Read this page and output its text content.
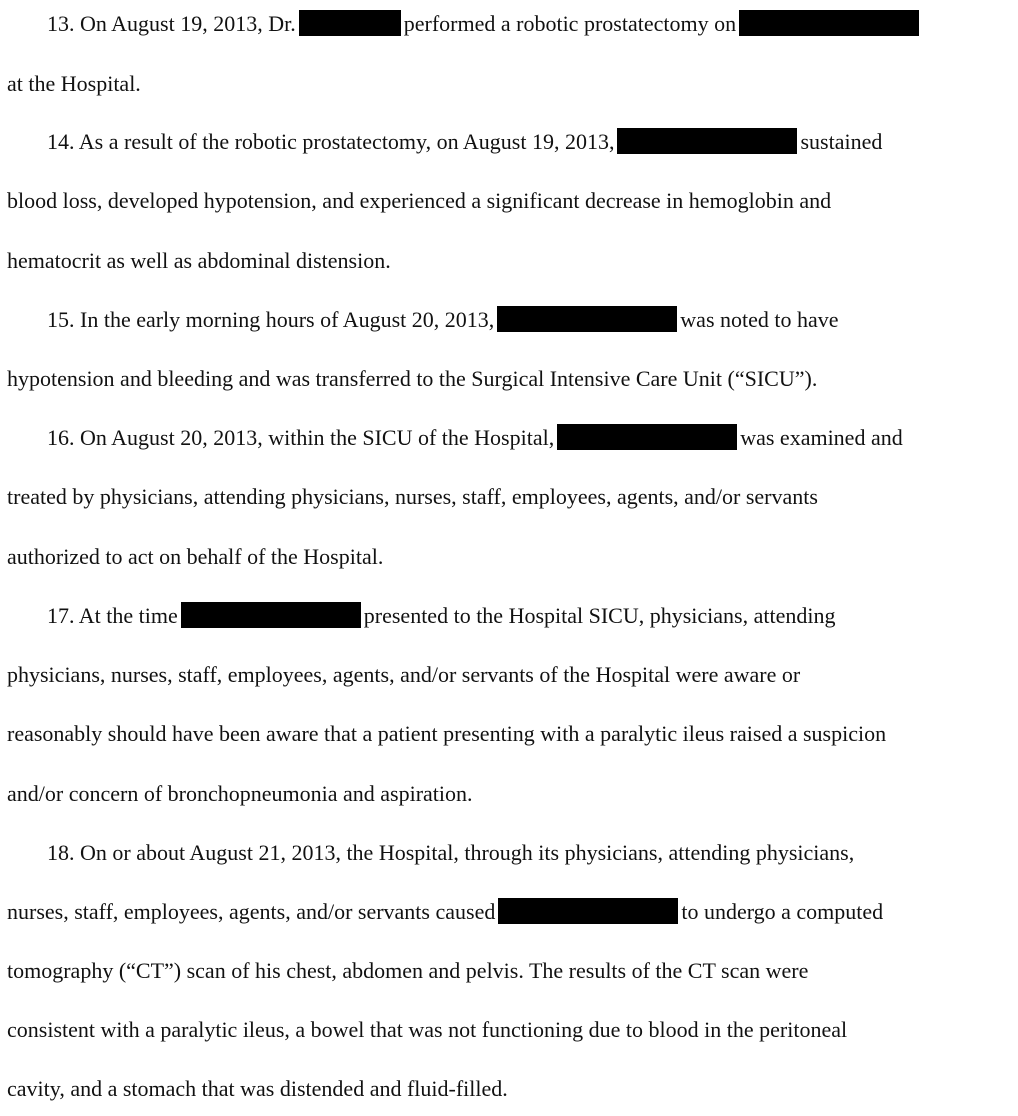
13. On August 19, 2013, Dr.	performed a robotic prostatectomy on
at the Hospital.
14. As a result of the robotic prostatectomy, on August 19, 2013,	sustained
blood loss, developed hypotension, and experienced a significant decrease in hemoglobin and
hematocrit as well as abdominal distension.
15. In the early morning hours of August 20, 2013,	was noted to have
hypotension and bleeding and was transferred to the Surgical Intensive Care Unit (“SICU”).
16. On August 20, 2013, within the SICU of the Hospital,	was examined and
treated by physicians, attending physicians, nurses, staff, employees, agents, and/or servants
authorized to act on behalf of the Hospital.
17. At the time	presented to the Hospital SICU, physicians, attending
physicians, nurses, staff, employees, agents, and/or servants of the Hospital were aware or
reasonably should have been aware that a patient presenting with a paralytic ileus raised a suspicion
and/or concern of bronchopneumonia and aspiration.
18. On or about August 21, 2013, the Hospital, through its physicians, attending physicians,
nurses, staff, employees, agents, and/or servants caused	to undergo a computed
tomography (“CT”) scan of his chest, abdomen and pelvis. The results of the CT scan were
consistent with a paralytic ileus, a bowel that was not functioning due to blood in the peritoneal
cavity, and a stomach that was distended and fluid-filled.
